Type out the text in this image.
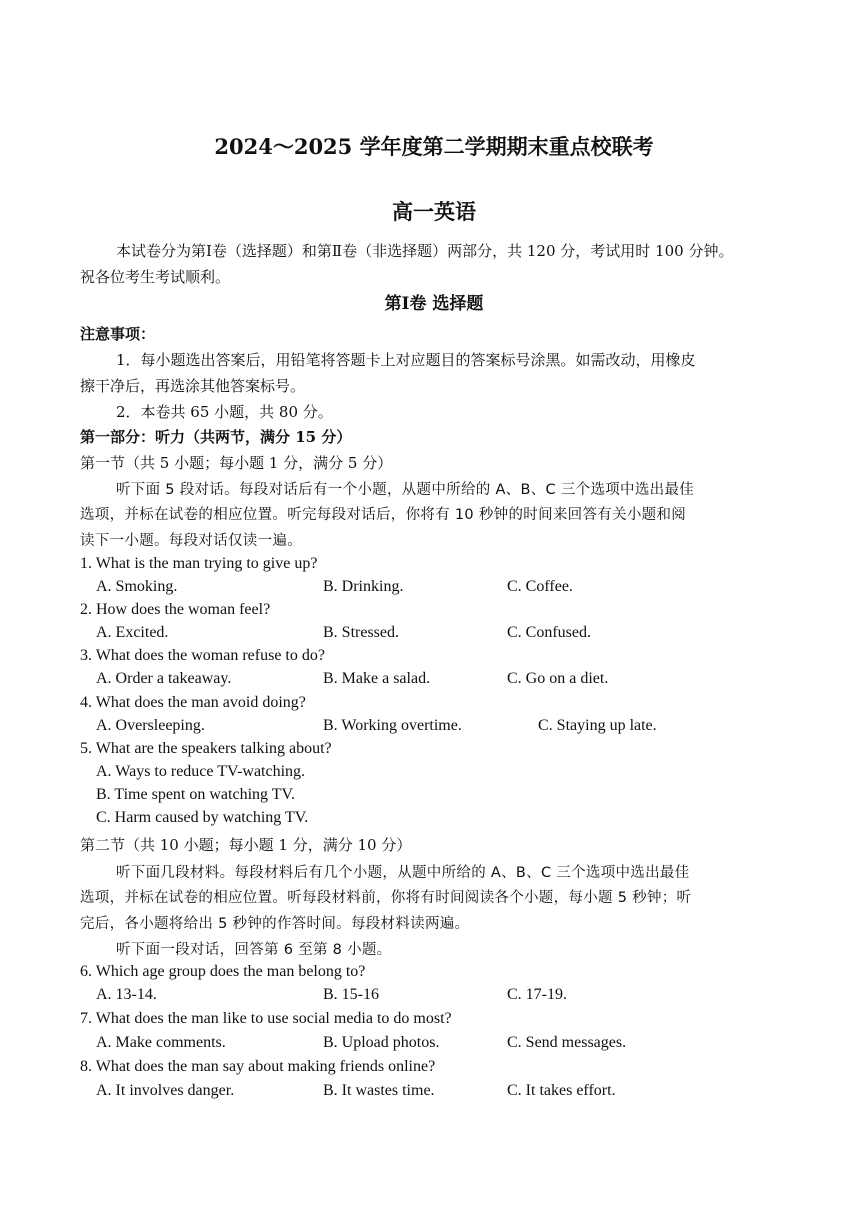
2024～2025 学年度第二学期期末重点校联考
高一英语
本试卷分为第Ⅰ卷（选择题）和第Ⅱ卷（非选择题）两部分，共 120 分，考试用时 100 分钟。
祝各位考生考试顺利。
第Ⅰ卷 选择题
注意事项：
1．每小题选出答案后，用铅笔将答题卡上对应题目的答案标号涂黑。如需改动，用橡皮
擦干净后，再选涂其他答案标号。
2．本卷共 65 小题，共 80 分。
第一部分：听力（共两节，满分 15 分）
第一节（共 5 小题；每小题 1 分，满分 5 分）
听下面 5 段对话。每段对话后有一个小题，从题中所给的 A、B、C 三个选项中选出最佳
选项，并标在试卷的相应位置。听完每段对话后，你将有 10 秒钟的时间来回答有关小题和阅
读下一小题。每段对话仅读一遍。
1. What is the man trying to give up?
A. Smoking.	B. Drinking.	C. Coffee.
2. How does the woman feel?
A. Excited.	B. Stressed.	C. Confused.
3. What does the woman refuse to do?
A. Order a takeaway.	B. Make a salad.	C. Go on a diet.
4. What does the man avoid doing?
A. Oversleeping.	B. Working overtime.	C. Staying up late.
5. What are the speakers talking about?
A. Ways to reduce TV-watching.
B. Time spent on watching TV.
C. Harm caused by watching TV.
第二节（共 10 小题；每小题 1 分，满分 10 分）
听下面几段材料。每段材料后有几个小题，从题中所给的 A、B、C 三个选项中选出最佳
选项，并标在试卷的相应位置。听每段材料前，你将有时间阅读各个小题，每小题 5 秒钟；听
完后，各小题将给出 5 秒钟的作答时间。每段材料读两遍。
听下面一段对话，回答第 6 至第 8 小题。
6. Which age group does the man belong to?
A. 13-14.	B. 15-16	C. 17-19.
7. What does the man like to use social media to do most?
A. Make comments.	B. Upload photos.	C. Send messages.
8. What does the man say about making friends online?
A. It involves danger.	B. It wastes time.	C. It takes effort.
